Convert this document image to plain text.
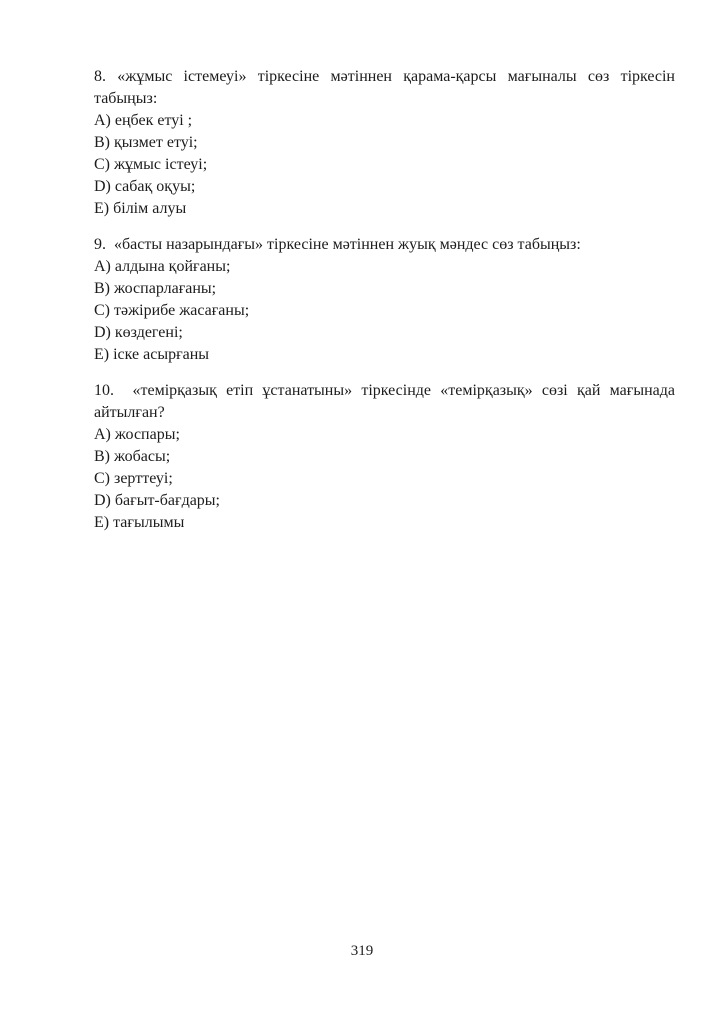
8. «жұмыс істемеуі» тіркесіне мәтіннен қарама-қарсы мағыналы сөз тіркесін табыңыз:

A) еңбек етуі ;
B) қызмет етуі;
C) жұмыс істеуі;
D) сабақ оқуы;
E) білім алуы

9.  «басты назарындағы» тіркесіне мәтіннен жуық мәндес сөз табыңыз:

A) алдына қойғаны;
B) жоспарлағаны;
C) тәжірибе жасағаны;
D) көздегені;
E) іске асырғаны

10.  «темірқазық етіп ұстанатыны» тіркесінде «темірқазық» сөзі қай мағынада айтылған?

A) жоспары;
B) жобасы;
C) зерттеуі;
D) бағыт-бағдары;
E) тағылымы
319
